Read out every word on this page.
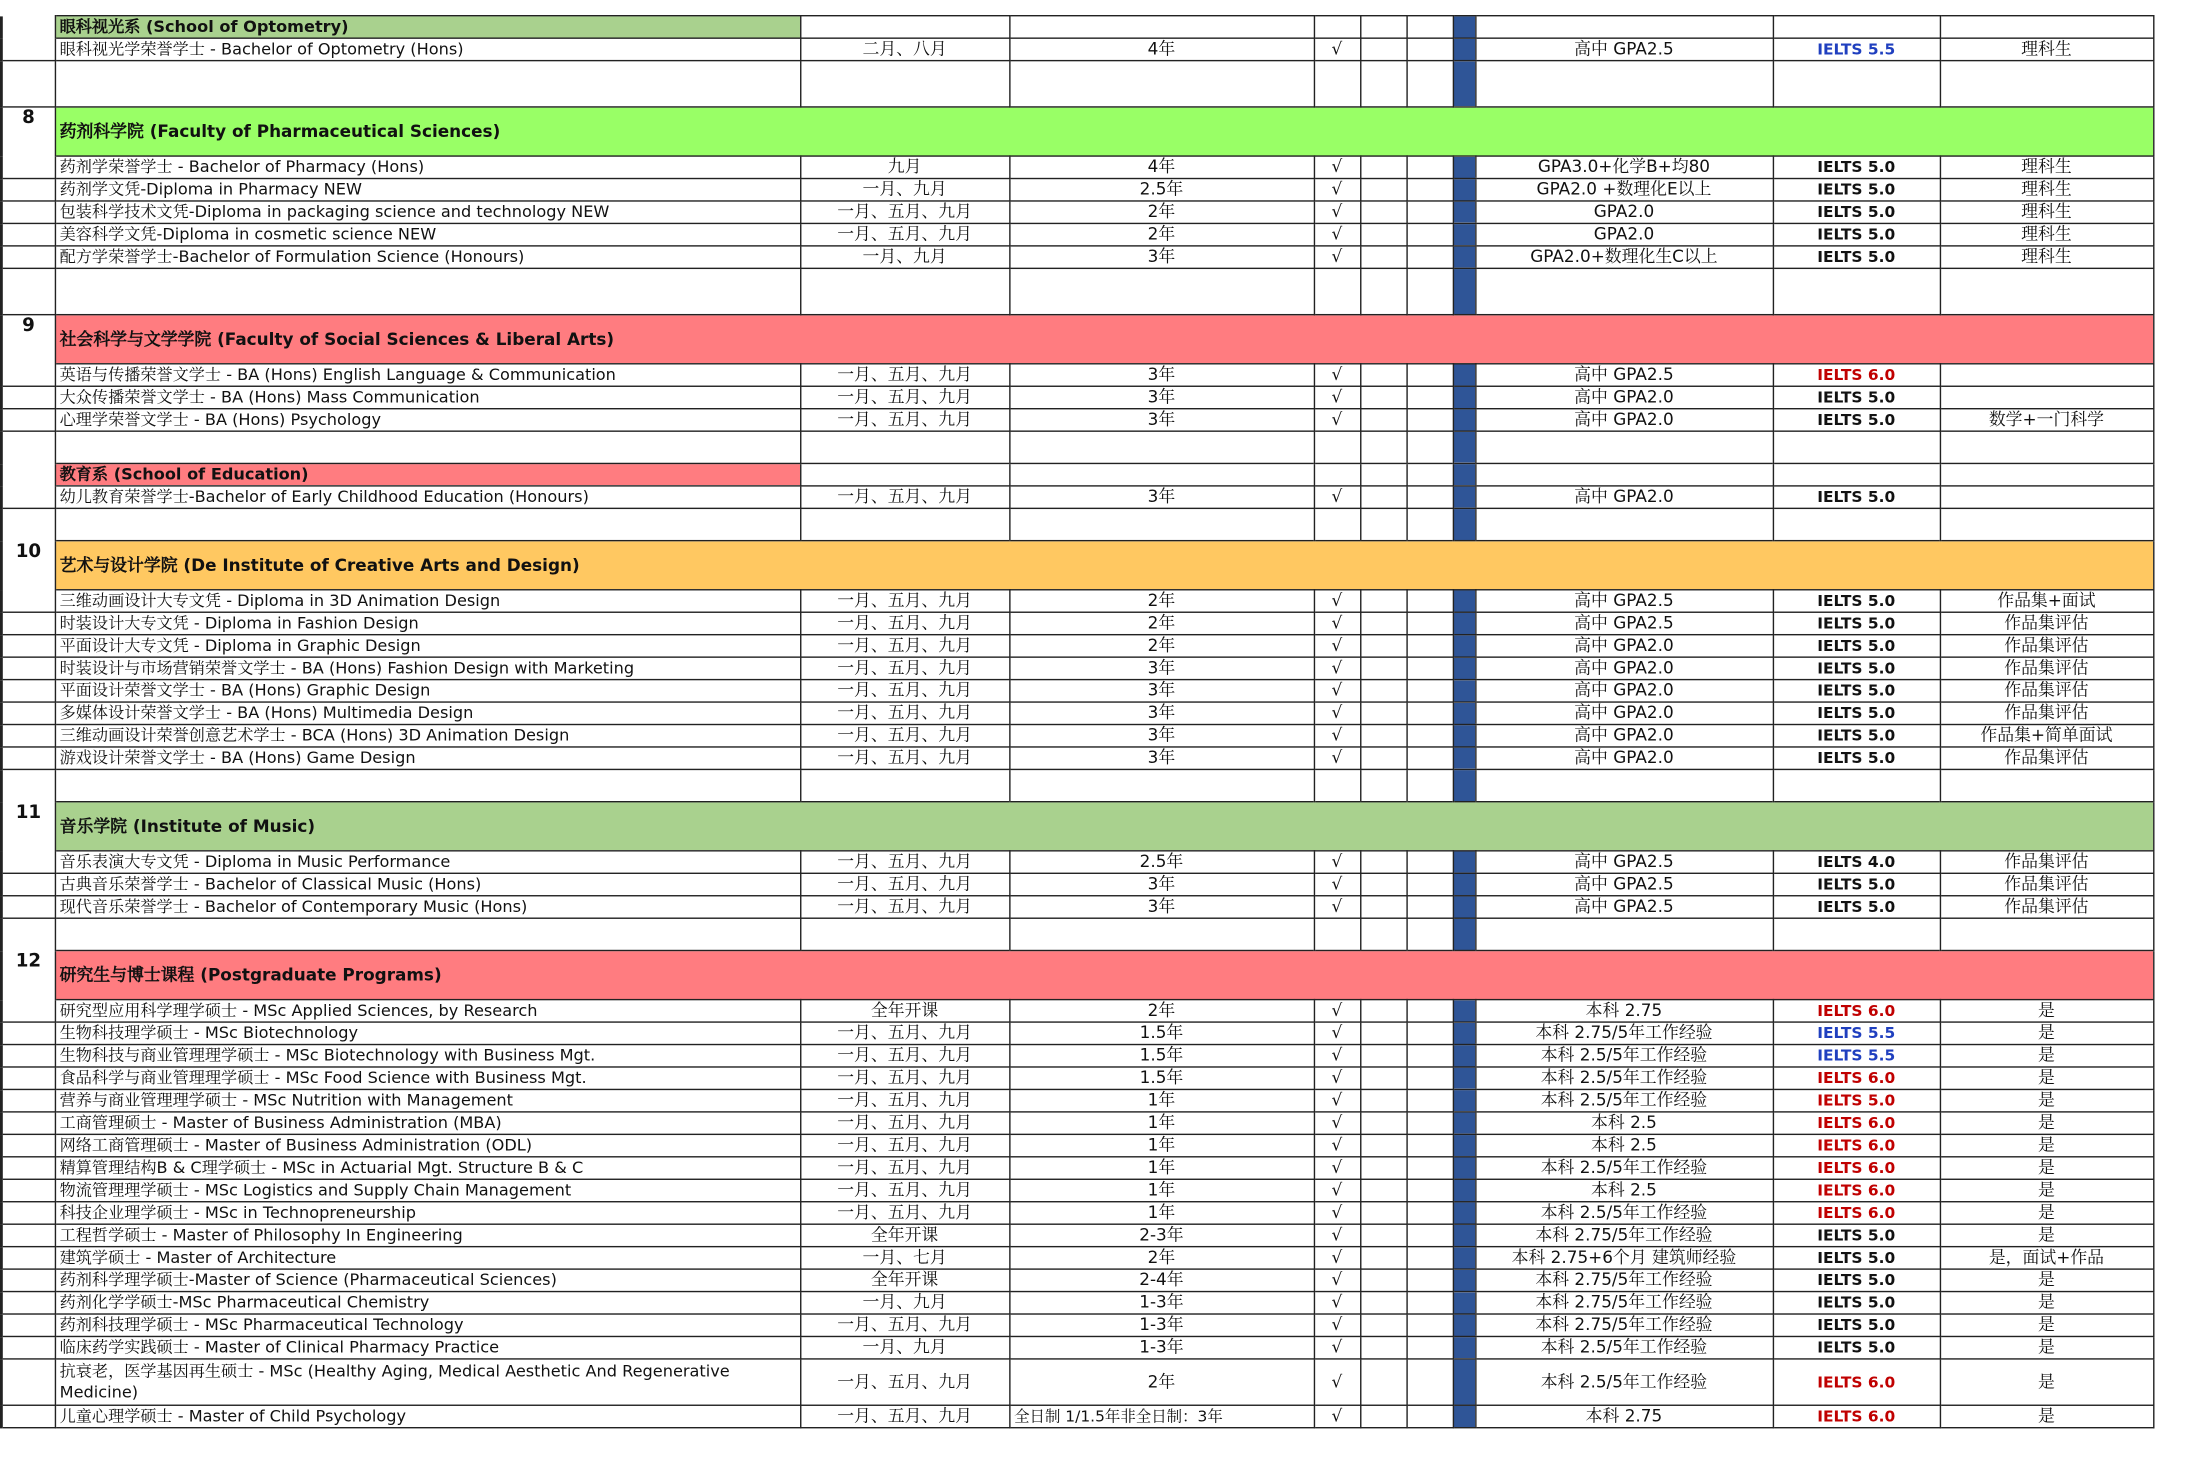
	眼科视光系 (School of Optometry)									
	眼科视光学荣誉学士 - Bachelor of Optometry (Hons)	二月、八月	4年	√				高中 GPA2.5	IELTS 5.5	理科生

8	药剂科学院 (Faculty of Pharmaceutical Sciences)									
	药剂学荣誉学士 - Bachelor of Pharmacy (Hons)	九月	4年	√				GPA3.0+化学B+均80	IELTS 5.0	理科生
	药剂学文凭-Diploma in Pharmacy NEW	一月、九月	2.5年	√				GPA2.0 +数理化E以上	IELTS 5.0	理科生
	包装科学技术文凭-Diploma in packaging science and technology NEW	一月、五月、九月	2年	√				GPA2.0	IELTS 5.0	理科生
	美容科学文凭-Diploma in cosmetic science NEW	一月、五月、九月	2年	√				GPA2.0	IELTS 5.0	理科生
	配方学荣誉学士-Bachelor of Formulation Science (Honours)	一月、九月	3年	√				GPA2.0+数理化生C以上	IELTS 5.0	理科生

9	社会科学与文学学院 (Faculty of Social Sciences & Liberal Arts)									
	英语与传播荣誉文学士 - BA (Hons) English Language & Communication	一月、五月、九月	3年	√				高中 GPA2.5	IELTS 6.0	
	大众传播荣誉文学士 - BA (Hons) Mass Communication	一月、五月、九月	3年	√				高中 GPA2.0	IELTS 5.0	
	心理学荣誉文学士 - BA (Hons) Psychology	一月、五月、九月	3年	√				高中 GPA2.0	IELTS 5.0	数学+一门科学

	教育系 (School of Education)									
	幼儿教育荣誉学士-Bachelor of Early Childhood Education (Honours)	一月、五月、九月	3年	√				高中 GPA2.0	IELTS 5.0	

10	艺术与设计学院 (De Institute of Creative Arts and Design)									
	三维动画设计大专文凭 - Diploma in 3D Animation Design	一月、五月、九月	2年	√				高中 GPA2.5	IELTS 5.0	作品集+面试
	时装设计大专文凭 - Diploma in Fashion Design	一月、五月、九月	2年	√				高中 GPA2.5	IELTS 5.0	作品集评估
	平面设计大专文凭 - Diploma in Graphic Design	一月、五月、九月	2年	√				高中 GPA2.0	IELTS 5.0	作品集评估
	时装设计与市场营销荣誉文学士 - BA (Hons) Fashion Design with Marketing	一月、五月、九月	3年	√				高中 GPA2.0	IELTS 5.0	作品集评估
	平面设计荣誉文学士 - BA (Hons) Graphic Design	一月、五月、九月	3年	√				高中 GPA2.0	IELTS 5.0	作品集评估
	多媒体设计荣誉文学士 - BA (Hons) Multimedia Design	一月、五月、九月	3年	√				高中 GPA2.0	IELTS 5.0	作品集评估
	三维动画设计荣誉创意艺术学士 - BCA (Hons) 3D Animation Design	一月、五月、九月	3年	√				高中 GPA2.0	IELTS 5.0	作品集+简单面试
	游戏设计荣誉文学士 - BA (Hons) Game Design	一月、五月、九月	3年	√				高中 GPA2.0	IELTS 5.0	作品集评估

11	音乐学院 (Institute of Music)									
	音乐表演大专文凭 - Diploma in Music Performance	一月、五月、九月	2.5年	√				高中 GPA2.5	IELTS 4.0	作品集评估
	古典音乐荣誉学士 - Bachelor of Classical Music (Hons)	一月、五月、九月	3年	√				高中 GPA2.5	IELTS 5.0	作品集评估
	现代音乐荣誉学士 - Bachelor of Contemporary Music (Hons)	一月、五月、九月	3年	√				高中 GPA2.5	IELTS 5.0	作品集评估

12	研究生与博士课程 (Postgraduate Programs)									
	研究型应用科学理学硕士 - MSc Applied Sciences, by Research	全年开课	2年	√				本科 2.75	IELTS 6.0	是
	生物科技理学硕士 - MSc Biotechnology	一月、五月、九月	1.5年	√				本科 2.75/5年工作经验	IELTS 5.5	是
	生物科技与商业管理理学硕士 - MSc Biotechnology with Business Mgt.	一月、五月、九月	1.5年	√				本科 2.5/5年工作经验	IELTS 5.5	是
	食品科学与商业管理理学硕士 - MSc Food Science with Business Mgt.	一月、五月、九月	1.5年	√				本科 2.5/5年工作经验	IELTS 6.0	是
	营养与商业管理理学硕士 - MSc Nutrition with Management	一月、五月、九月	1年	√				本科 2.5/5年工作经验	IELTS 5.0	是
	工商管理硕士 - Master of Business Administration (MBA)	一月、五月、九月	1年	√				本科 2.5	IELTS 6.0	是
	网络工商管理硕士 - Master of Business Administration (ODL)	一月、五月、九月	1年	√				本科 2.5	IELTS 6.0	是
	精算管理结构B & C理学硕士 - MSc in Actuarial Mgt. Structure B & C	一月、五月、九月	1年	√				本科 2.5/5年工作经验	IELTS 6.0	是
	物流管理理学硕士 - MSc Logistics and Supply Chain Management	一月、五月、九月	1年	√				本科 2.5	IELTS 6.0	是
	科技企业理学硕士 - MSc in Technopreneurship	一月、五月、九月	1年	√				本科 2.5/5年工作经验	IELTS 6.0	是
	工程哲学硕士 - Master of Philosophy In Engineering	全年开课	2-3年	√				本科 2.75/5年工作经验	IELTS 5.0	是
	建筑学硕士 - Master of Architecture	一月、七月	2年	√				本科 2.75+6个月 建筑师经验	IELTS 5.0	是，面试+作品
	药剂科学理学硕士-Master of Science (Pharmaceutical Sciences)	全年开课	2-4年	√				本科 2.75/5年工作经验	IELTS 5.0	是
	药剂化学学硕士-MSc Pharmaceutical Chemistry	一月、九月	1-3年	√				本科 2.75/5年工作经验	IELTS 5.0	是
	药剂科技理学硕士 - MSc Pharmaceutical Technology	一月、五月、九月	1-3年	√				本科 2.75/5年工作经验	IELTS 5.0	是
	临床药学实践硕士 - Master of Clinical Pharmacy Practice	一月、九月	1-3年	√				本科 2.5/5年工作经验	IELTS 5.0	是
	抗衰老，医学基因再生硕士 - MSc (Healthy Aging, Medical Aesthetic And Regenerative Medicine)	一月、五月、九月	2年	√				本科 2.5/5年工作经验	IELTS 6.0	是
	儿童心理学硕士 - Master of Child Psychology	一月、五月、九月	全日制 1/1.5年非全日制：3年	√				本科 2.75	IELTS 6.0	是
